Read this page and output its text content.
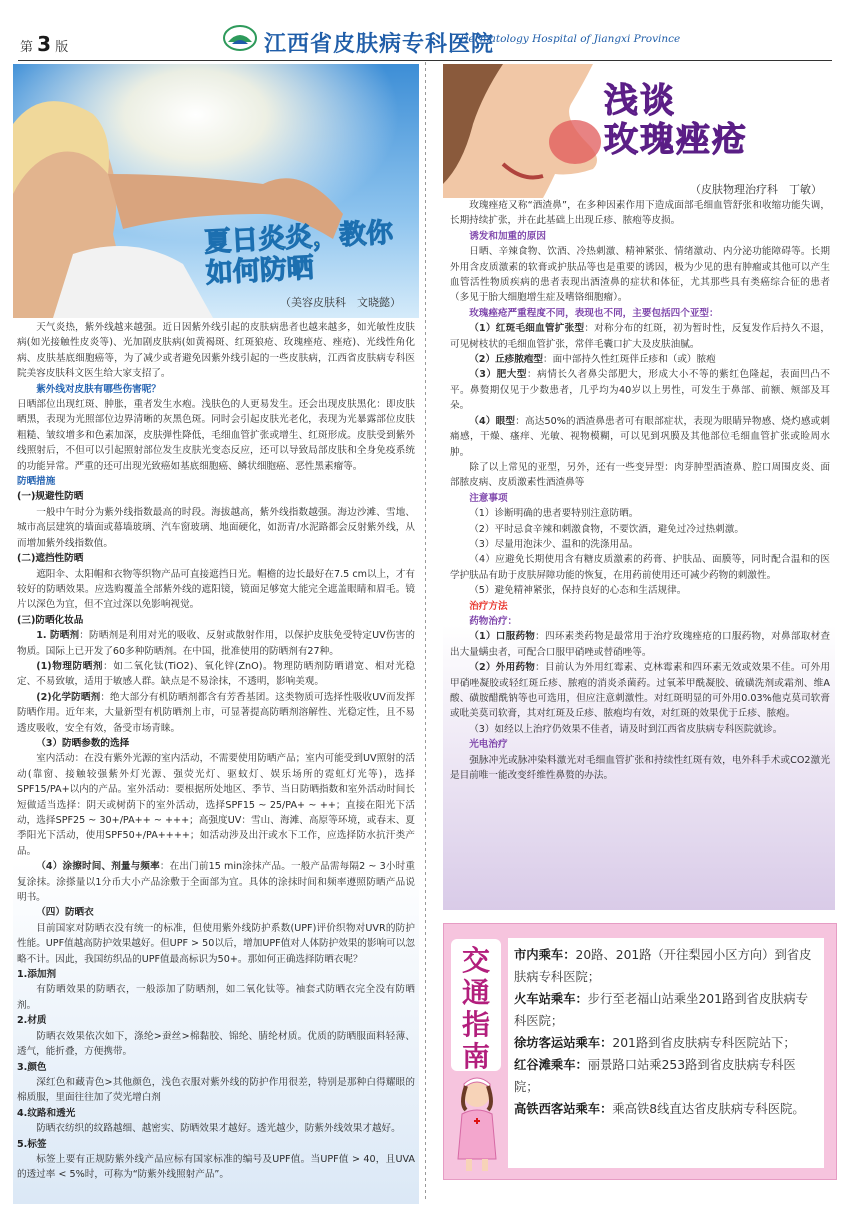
第 3 版	江西省皮肤病专科医院
Dermatology Hospital of Jiangxi Province
夏日炎炎，教你如何防晒
（美容皮肤科　文晓懿）

天气炎热，紫外线越来越强。近日因紫外线引起的皮肤病患者也越来越多，如光敏性皮肤病(如光接触性皮炎等)、光加剧皮肤病(如黄褐斑、红斑狼疮、玫瑰痤疮、痤疮)、光线性角化病、皮肤基底细胞癌等，为了减少或者避免因紫外线引起的一些皮肤病，江西省皮肤病专科医院美容皮肤科文医生给大家支招了。

紫外线对皮肤有哪些伤害呢？

日晒部位出现红斑、肿胀，重者发生水疱。浅肤色的人更易发生。还会出现皮肤黑化：即皮肤晒黑，表现为光照部位边界清晰的灰黑色斑。同时会引起皮肤光老化，表现为光暴露部位皮肤粗糙、皱纹增多和色素加深，皮肤弹性降低，毛细血管扩张或增生、红斑形成。皮肤受到紫外线照射后，不但可以引起照射部位发生皮肤光变态反应，还可以导致局部皮肤和全身免疫系统的功能异常。严重的还可出现光致癌如基底细胞癌、鳞状细胞癌、恶性黑素瘤等。

防晒措施

(一)规避性防晒

一般中午时分为紫外线指数最高的时段。海拔越高，紫外线指数越强。海边沙滩、雪地、城市高层建筑的墙面或幕墙玻璃、汽车窗玻璃、地面硬化，如沥青/水泥路都会反射紫外线，从而增加紫外线指数值。

(二)遮挡性防晒

遮阳伞、太阳帽和衣物等织物产品可直接遮挡日光。帽檐的边长最好在7.5 cm以上，才有较好的防晒效果。应选购覆盖全部紫外线的遮阳镜，镜面足够宽大能完全遮盖眼睛和眉毛。镜片以深色为宜，但不宜过深以免影响视觉。

(三)防晒化妆品

1. 防晒剂：防晒剂是利用对光的吸收、反射或散射作用，以保护皮肤免受特定UV伤害的物质。国际上已开发了60多种防晒剂。在中国，批准使用的防晒剂有27种。

(1)物理防晒剂：如二氧化钛(TiO2)、氧化锌(ZnO)。物理防晒剂防晒谱宽、相对光稳定、不易致敏，适用于敏感人群。缺点是不易涂抹，不透明，影响美观。

(2)化学防晒剂：绝大部分有机防晒剂都含有芳香基团。这类物质可选择性吸收UV而发挥防晒作用。近年来，大量新型有机防晒剂上市，可显著提高防晒剂溶解性、光稳定性，且不易透皮吸收，安全有效，备受市场青睐。

（3）防晒参数的选择

室内活动：在没有紫外光源的室内活动，不需要使用防晒产品；室内可能受到UV照射的活动(靠窗、接触较强紫外灯光源、强荧光灯、驱蚊灯、娱乐场所的霓虹灯光等)，选择SPF15/PA+以内的产品。室外活动：要根据所处地区、季节、当日防晒指数和室外活动时间长短做适当选择：阴天或树荫下的室外活动，选择SPF15 ~ 25/PA+ ~ ++；直接在阳光下活动，选择SPF25 ~ 30+/PA++ ~ +++；高强度UV：雪山、海滩、高原等环境，或春末、夏季阳光下活动，使用SPF50+/PA++++；如活动涉及出汗或水下工作，应选择防水抗汗类产品。

（4）涂擦时间、剂量与频率：在出门前15 min涂抹产品。一般产品需每隔2 ~ 3小时重复涂抹。涂搽量以1分币大小产品涂敷于全面部为宜。具体的涂抹时间和频率遵照防晒产品说明书。

（四）防晒衣

目前国家对防晒衣没有统一的标准，但使用紫外线防护系数(UPF)评价织物对UVR的防护性能。UPF值越高防护效果越好。但UPF > 50以后，增加UPF值对人体防护效果的影响可以忽略不计。因此，我国纺织品的UPF值最高标识为50+。那如何正确选择防晒衣呢？

1.添加剂

有防晒效果的防晒衣，一般添加了防晒剂，如二氧化钛等。袖套式防晒衣完全没有防晒剂。

2.材质

防晒衣效果依次如下，涤纶>蚕丝>棉黏胶、锦纶、腈纶材质。优质的防晒服面料轻薄、透气，能折叠，方便携带。

3.颜色

深红色和藏青色>其他颜色，浅色衣服对紫外线的防护作用很差，特别是那种白得耀眼的棉质服，里面往往加了荧光增白剂

4.纹路和透光

防晒衣纺织的纹路越细、越密实、防晒效果才越好。透光越少，防紫外线效果才越好。

5.标签

标签上要有正规防紫外线产品应标有国家标准的编号及UPF值。当UPF值 > 40，且UVA的透过率 < 5%时，可称为“防紫外线照射产品”。

浅谈
玫瑰痤疮
（皮肤物理治疗科　丁敏）

玫瑰痤疮又称“酒渣鼻”，在多种因素作用下造成面部毛细血管舒张和收缩功能失调，长期持续扩张，并在此基础上出现丘疹、脓疱等皮损。

诱发和加重的原因

日晒、辛辣食物、饮酒、冷热刺激、精神紧张、情绪激动、内分泌功能障碍等。长期外用含皮质激素的软膏或护肤品等也是重要的诱因，极为少见的患有肿瘤或其他可以产生血管活性物质疾病的患者表现出酒渣鼻的症状和体征，尤其那些具有类癌综合征的患者（多见于胎大细胞增生症及嗜铬细胞瘤）。

玫瑰痤疮严重程度不同，表现也不同，主要包括四个亚型：

（1）红斑毛细血管扩张型：对称分布的红斑，初为暂时性，反复发作后持久不退，可见树枝状的毛细血管扩张，常伴毛囊口扩大及皮肤油腻。

（2）丘疹脓疱型：面中部持久性红斑伴丘疹和（或）脓疱

（3）肥大型：病情长久者鼻尖部肥大，形成大小不等的紫红色隆起，表面凹凸不平。鼻赘期仅见于少数患者，几乎均为40岁以上男性，可发生于鼻部、前额、颊部及耳朵。

（4）眼型：高达50%的酒渣鼻患者可有眼部症状，表现为眼睛异物感、烧灼感或刺痛感，干燥、瘙痒、光敏、视物模糊，可以见到巩膜及其他部位毛细血管扩张或睑周水肿。

除了以上常见的亚型，另外，还有一些变异型：肉芽肿型酒渣鼻、腔口周围皮炎、面部脓皮病、皮质激素性酒渣鼻等

注意事项

（1）诊断明确的患者要特别注意防晒。

（2）平时忌食辛辣和刺激食物，不要饮酒，避免过冷过热刺激。

（3）尽量用泡沫少、温和的洗涤用品。

（4）应避免长期使用含有糖皮质激素的药膏、护肤品、面膜等，同时配合温和的医学护肤品有助于皮肤屏障功能的恢复，在用药前使用还可减少药物的刺激性。

（5）避免精神紧张，保持良好的心态和生活规律。

治疗方法

药物治疗：

（1）口服药物：四环素类药物是最常用于治疗玫瑰痤疮的口服药物，对鼻部取材查出大量螨虫者，可配合口服甲硝唑或替硝唑等。

（2）外用药物：目前认为外用红霉素、克林霉素和四环素无效或效果不佳。可外用甲硝唑凝胶或轻红斑丘疹、脓疱的消炎杀菌药。过氧苯甲酰凝胶、硫磺洗剂或霜剂、维A酸、磺胺醋酰钠等也可选用，但应注意刺激性。对红斑明显的可外用0.03%他克莫司软膏或吡美莫司软膏，其对红斑及丘疹、脓疱均有效，对红斑的效果优于丘疹、脓疱。

（3）如经以上治疗仍效果不佳者，请及时到江西省皮肤病专科医院就诊。

光电治疗

强脉冲光或脉冲染料激光对毛细血管扩张和持续性红斑有效，电外科手术或CO2激光是目前唯一能改变纤维性鼻赘的办法。

交
通
指
南

市内乘车：20路、201路（开往梨园小区方向）到省皮肤病专科医院；

火车站乘车：步行至老福山站乘坐201路到省皮肤病专科医院；

徐坊客运站乘车：201路到省皮肤病专科医院站下；

红谷滩乘车：丽景路口站乘253路到省皮肤病专科医院；

高铁西客站乘车：乘高铁8线直达省皮肤病专科医院。
